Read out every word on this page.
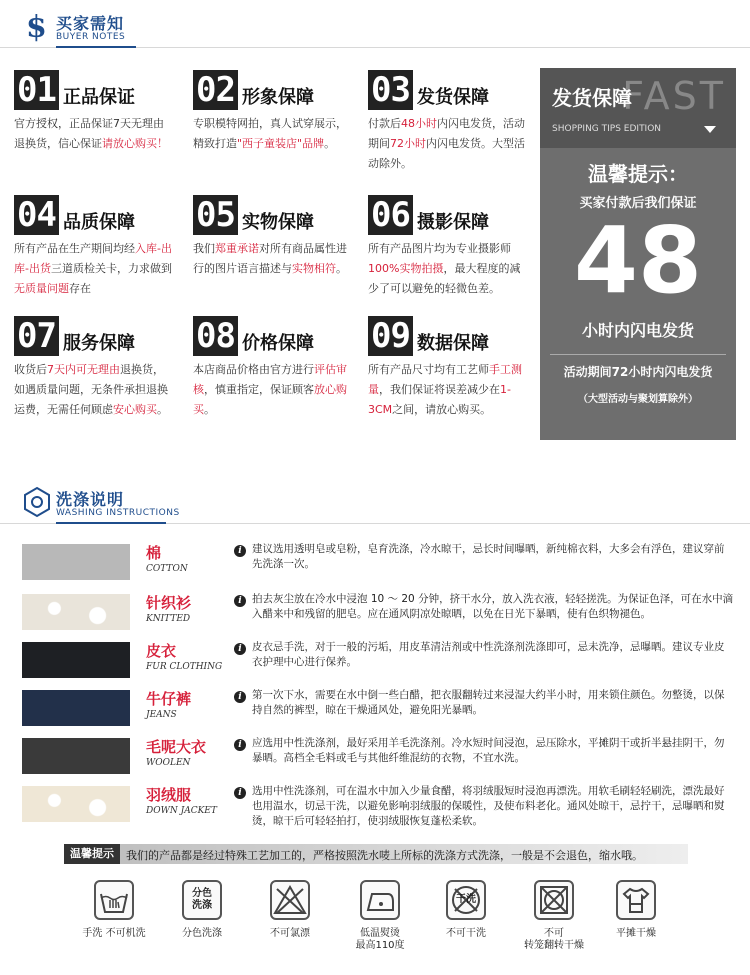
$ 买家需知
BUYER NOTES
01 正品保证
官方授权，正品保证7天无理由退换货，信心保证请放心购买！
02 形象保障
专职模特网拍，真人试穿展示，精致打造"西子童装店"品牌。
03 发货保障
付款后48小时内闪电发货，活动期间72小时内闪电发货。大型活动除外。
04 品质保障
所有产品在生产期间均经入库-出库-出货三道质检关卡，力求做到无质量问题存在
05 实物保障
我们郑重承诺对所有商品属性进行的图片语言描述与实物相符。
06 摄影保障
所有产品图片均为专业摄影师100%实物拍摄，最大程度的减少了可以避免的轻微色差。
07 服务保障
收货后7天内可无理由退换货，如遇质量问题，无条件承担退换运费，无需任何顾虑安心购买。
08 价格保障
本店商品价格由官方进行评估审核，慎重指定，保证顾客放心购买。
09 数据保障
所有产品尺寸均有工艺师手工测量，我们保证将误差减少在1-3CM之间，请放心购买。
FAST
发货保障
SHOPPING TIPS EDITION
温馨提示：
买家付款后我们保证
48
小时内闪电发货
活动期间72小时内闪电发货
（大型活动与聚划算除外）
洗涤说明
WASHING INSTRUCTIONS
棉
COTTON
i 建议选用透明皂或皂粉，皂育洗涤，冷水晾干，忌长时间曝晒，新纯棉衣料，大多会有浮色，建议穿前先洗涤一次。
针织衫
KNITTED
i 拍去灰尘放在冷水中浸泡 10 ～ 20 分钟，挤干水分，放入洗衣液，轻轻搓洗。为保证色泽，可在水中滴入醋来中和残留的肥皂。应在通风阴凉处晾晒，以免在日光下暴晒，使有色织物褪色。
皮衣
FUR CLOTHING
i 皮衣忌手洗，对于一般的污垢，用皮革清洁剂或中性洗涤剂洗涤即可，忌未洗净，忌曝晒。建议专业皮衣护理中心进行保养。
牛仔裤
JEANS
i 第一次下水，需要在水中倒一些白醋，把衣服翻转过来浸湿大约半小时，用来锁住颜色。勿整烫，以保持自然的裤型，晾在干燥通风处，避免阳光暴晒。
毛呢大衣
WOOLEN
i 应选用中性洗涤剂，最好采用羊毛洗涤剂。冷水短时间浸泡，忌压除水，平摊阴干或折半悬挂阴干，勿暴晒。高档全毛料或毛与其他纤维混纺的衣物，不宜水洗。
羽绒服
DOWN JACKET
i 选用中性洗涤剂，可在温水中加入少量食醋，将羽绒服短时浸泡再漂洗。用软毛刷轻轻刷洗，漂洗最好也用温水，切忌干洗，以避免影响羽绒服的保暖性，及使布料老化。通风处晾干，忌拧干，忌曝晒和熨烫，晾干后可轻轻拍打，使羽绒服恢复蓬松柔软。
温馨提示	我们的产品都是经过特殊工艺加工的，严格按照洗水唛上所标的洗涤方式洗涤，一般是不会退色，缩水哦。
手洗 不可机洗
分色
洗涤
分色洗涤	不可氯漂	低温熨烫
最高110度
干洗
不可干洗	不可
转笼翻转干燥
平摊干燥
